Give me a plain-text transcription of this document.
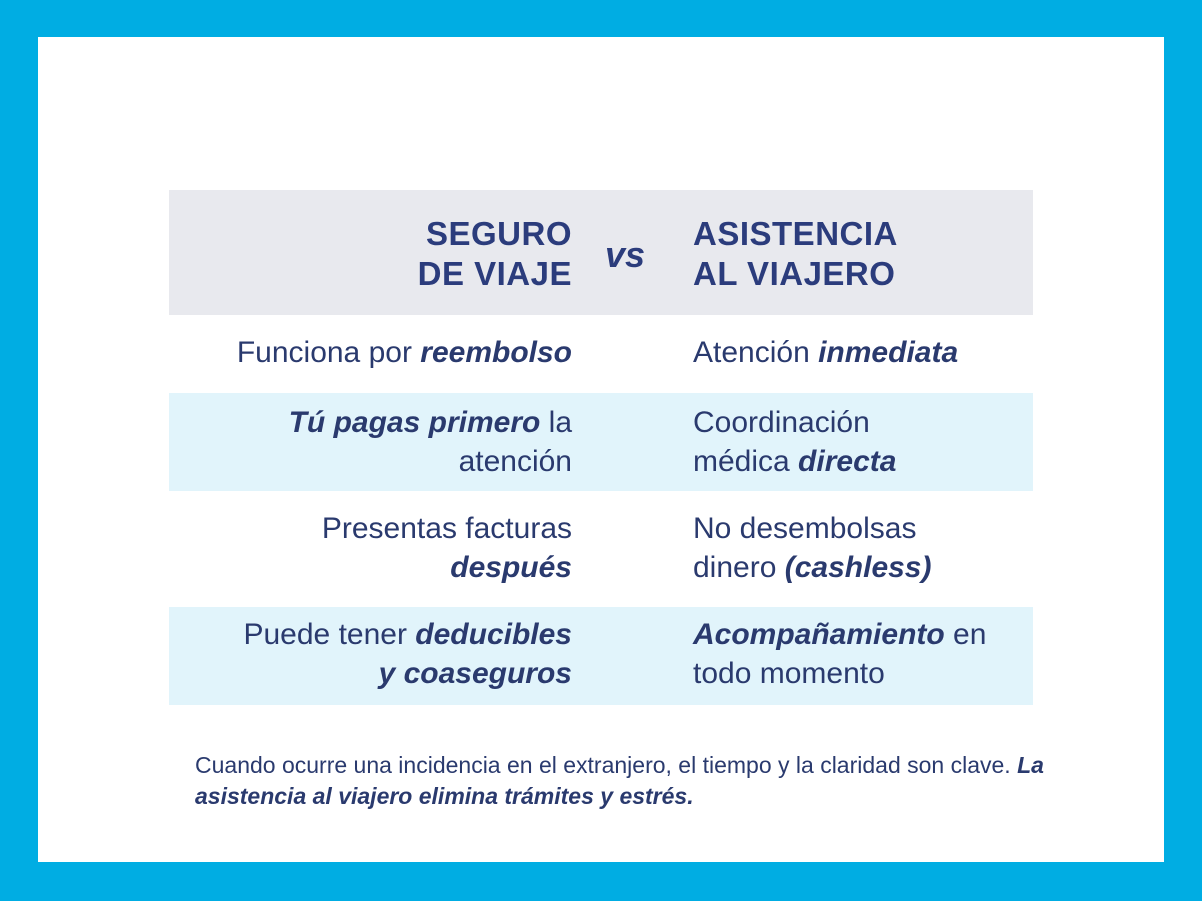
SEGURO
DE VIAJE vs
ASISTENCIA
AL VIAJERO
Funciona por reembolso	Atención inmediata
Tú pagas primero la
atención
Coordinación
médica directa
Presentas facturas
después
No desembolsas
dinero (cashless)
Puede tener deducibles
y coaseguros
Acompañamiento en
todo momento
Cuando ocurre una incidencia en el extranjero, el tiempo y la claridad son clave. La asistencia al viajero elimina trámites y estrés.
